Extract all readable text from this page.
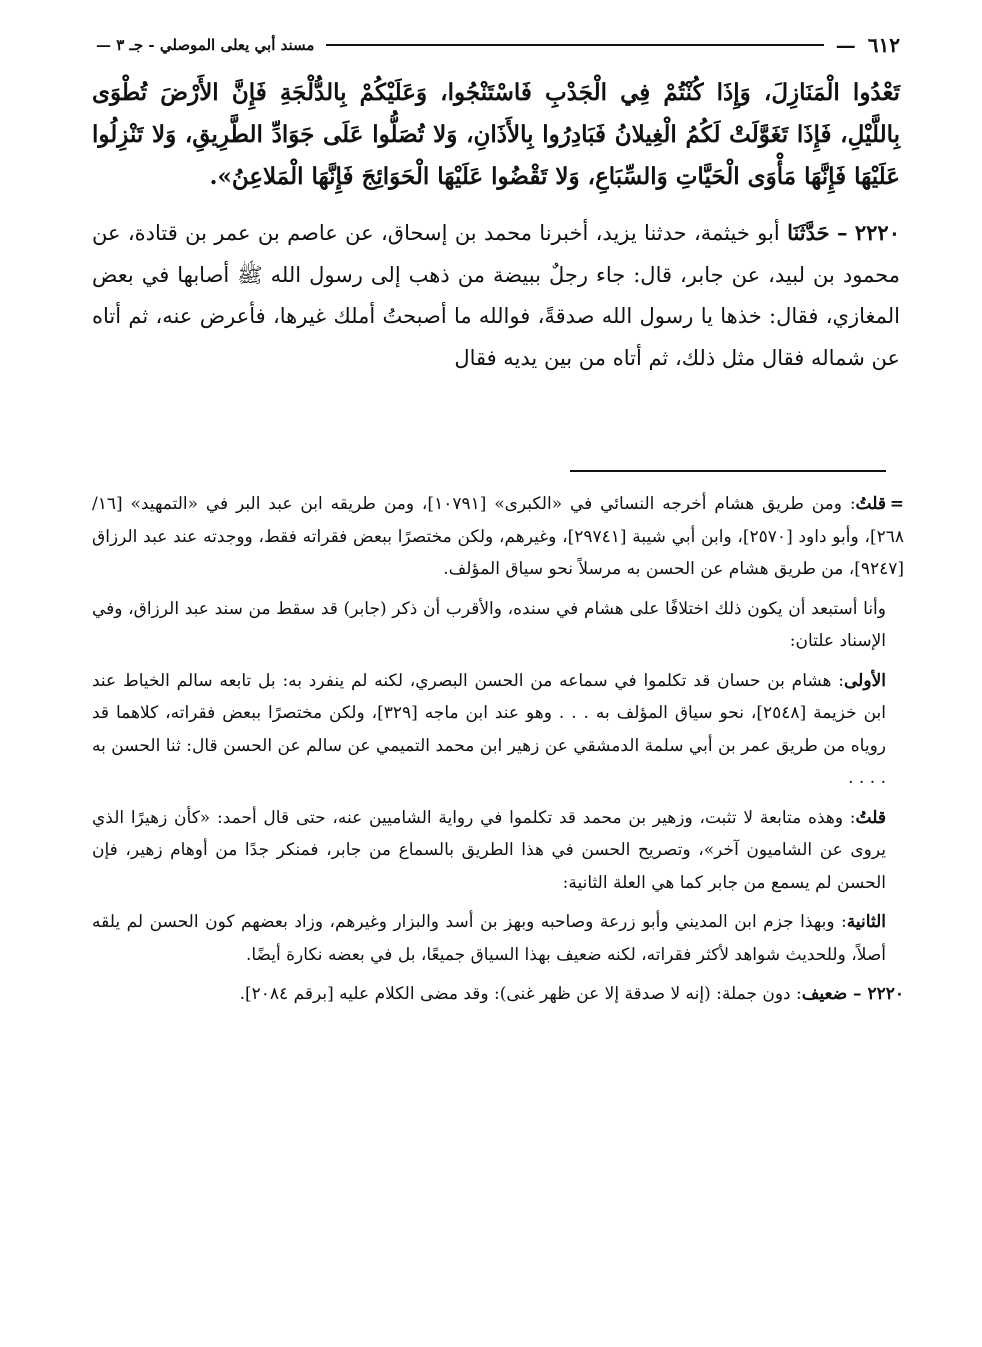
٦١٢
—
مسند أبي يعلى الموصلي - جـ ٣ —

تَعْدُوا الْمَنَازِلَ، وَإِذَا كُنْتُمْ فِي الْجَدْبِ فَاسْتَنْجُوا، وَعَلَيْكُمْ بِالدُّلْجَةِ فَإِنَّ الأَرْضَ تُطْوَى بِاللَّيْلِ، فَإِذَا تَغَوَّلَتْ لَكُمُ الْغِيلانُ فَبَادِرُوا بِالأَذَانِ، وَلا تُصَلُّوا عَلَى جَوَادِّ الطَّرِيقِ، وَلا تَنْزِلُوا عَلَيْهَا فَإِنَّهَا مَأْوَى الْحَيَّاتِ وَالسِّبَاعِ، وَلا تَقْضُوا عَلَيْهَا الْحَوَائِجَ فَإِنَّهَا الْمَلاعِنُ».

٢٢٢٠ – حَدَّثَنَا أبو خيثمة، حدثنا يزيد، أخبرنا محمد بن إسحاق، عن عاصم بن عمر بن قتادة، عن محمود بن لبيد، عن جابر، قال: جاء رجلٌ ببيضة من ذهب إلى رسول الله ﷺ أصابها في بعض المغازي، فقال: خذها يا رسول الله صدقةً، فوالله ما أصبحتُ أملك غيرها، فأعرض عنه، ثم أتاه عن شماله فقال مثل ذلك، ثم أتاه من بين يديه فقال

=قلتُ: ومن طريق هشام أخرجه النسائي في «الكبرى» [١٠٧٩١]، ومن طريقه ابن عبد البر في «التمهيد» [١٦/ ٢٦٨]، وأبو داود [٢٥٧٠]، وابن أبي شيبة [٢٩٧٤١]، وغيرهم، ولكن مختصرًا ببعض فقراته فقط، ووجدته عند عبد الرزاق [٩٢٤٧]، من طريق هشام عن الحسن به مرسلاً نحو سياق المؤلف.

وأنا أستبعد أن يكون ذلك اختلافًا على هشام في سنده، والأقرب أن ذكر (جابر) قد سقط من سند عبد الرزاق، وفي الإسناد علتان:

الأولى: هشام بن حسان قد تكلموا في سماعه من الحسن البصري، لكنه لم ينفرد به: بل تابعه سالم الخياط عند ابن خزيمة [٢٥٤٨]، نحو سياق المؤلف به . . . وهو عند ابن ماجه [٣٢٩]، ولكن مختصرًا ببعض فقراته، كلاهما قد روياه من طريق عمر بن أبي سلمة الدمشقي عن زهير ابن محمد التميمي عن سالم عن الحسن قال: ثنا الحسن به . . . .

قلتُ: وهذه متابعة لا تثبت، وزهير بن محمد قد تكلموا في رواية الشاميين عنه، حتى قال أحمد: «كأن زهيرًا الذي يروى عن الشاميون آخر»، وتصريح الحسن في هذا الطريق بالسماع من جابر، فمنكر جدًا من أوهام زهير، فإن الحسن لم يسمع من جابر كما هي العلة الثانية:

الثانية: وبهذا جزم ابن المديني وأبو زرعة وصاحبه وبهز بن أسد والبزار وغيرهم، وزاد بعضهم كون الحسن لم يلقه أصلاً، وللحديث شواهد لأكثر فقراته، لكنه ضعيف بهذا السياق جميعًا، بل في بعضه نكارة أيضًا.

٢٢٢٠ – ضعيف: دون جملة: (إنه لا صدقة إلا عن ظهر غنى): وقد مضى الكلام عليه [برقم ٢٠٨٤].
